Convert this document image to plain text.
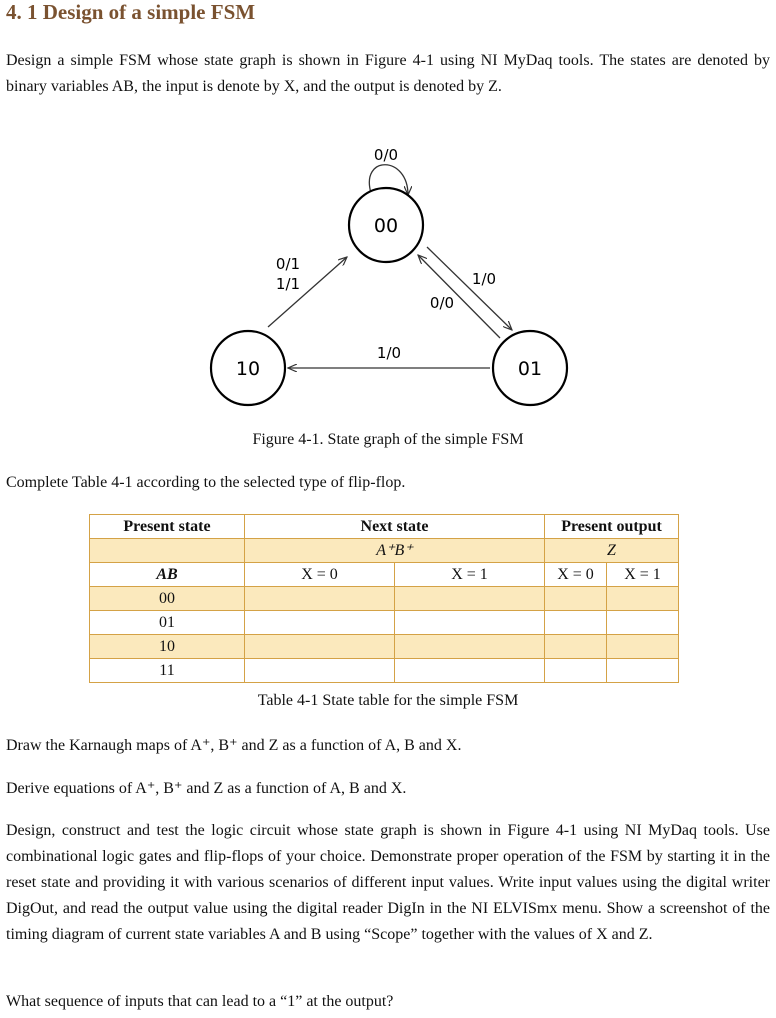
4. 1 Design of a simple FSM
Design a simple FSM whose state graph is shown in Figure 4-1 using NI MyDaq tools. The states are denoted by binary variables AB, the input is denote by X, and the output is denoted by Z.
00
01
10
0/0
0/1
1/1	1/0
0/0
1/0
Figure 4-1. State graph of the simple FSM
Complete Table 4-1 according to the selected type of flip-flop.
Present state	Next state		Present output	
	A⁺B⁺		Z	
AB	X = 0	X = 1	X = 0	X = 1
00				
01				
10				
11				
Table 4-1 State table for the simple FSM
Draw the Karnaugh maps of A⁺, B⁺ and Z as a function of A, B and X.
Derive equations of A⁺, B⁺ and Z as a function of A, B and X.
Design, construct and test the logic circuit whose state graph is shown in Figure 4-1 using NI MyDaq tools. Use combinational logic gates and flip-flops of your choice. Demonstrate proper operation of the FSM by starting it in the reset state and providing it with various scenarios of different input values. Write input values using the digital writer DigOut, and read the output value using the digital reader DigIn in the NI ELVISmx menu. Show a screenshot of the timing diagram of current state variables A and B using “Scope” together with the values of X and Z.
What sequence of inputs that can lead to a “1” at the output?
